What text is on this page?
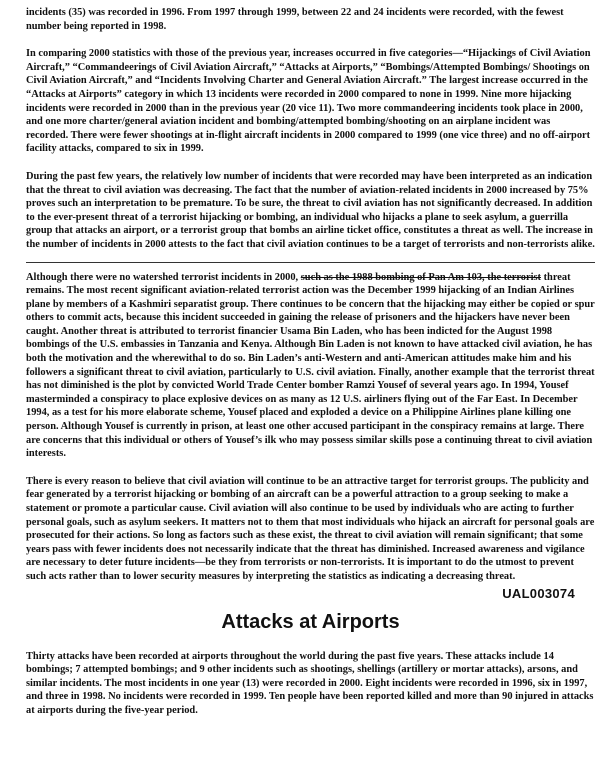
incidents (35) was recorded in 1996. From 1997 through 1999, between 22 and 24 incidents were recorded, with the fewest number being reported in 1998.

In comparing 2000 statistics with those of the previous year, increases occurred in five categories—“Hijackings of Civil Aviation Aircraft,” “Commandeerings of Civil Aviation Aircraft,” “Attacks at Airports,” “Bombings/Attempted Bombings/ Shootings on Civil Aviation Aircraft,” and “Incidents Involving Charter and General Aviation Aircraft.” The largest increase occurred in the “Attacks at Airports” category in which 13 incidents were recorded in 2000 compared to none in 1999. Nine more hijacking incidents were recorded in 2000 than in the previous year (20 vice 11). Two more commandeering incidents took place in 2000, and one more charter/general aviation incident and bombing/attempted bombing/shooting on an airplane incident was recorded. There were fewer shootings at in-flight aircraft incidents in 2000 compared to 1999 (one vice three) and no off-airport facility attacks, compared to six in 1999.

During the past few years, the relatively low number of incidents that were recorded may have been interpreted as an indication that the threat to civil aviation was decreasing. The fact that the number of aviation-related incidents in 2000 increased by 75% proves such an interpretation to be premature. To be sure, the threat to civil aviation has not significantly decreased. In addition to the ever-present threat of a terrorist hijacking or bombing, an individual who hijacks a plane to seek asylum, a guerrilla group that attacks an airport, or a terrorist group that bombs an airline ticket office, constitutes a threat as well. The increase in the number of incidents in 2000 attests to the fact that civil aviation continues to be a target of terrorists and non-terrorists alike.

Although there were no watershed terrorist incidents in 2000, such as the 1988 bombing of Pan Am 103, the terrorist threat remains. The most recent significant aviation-related terrorist action was the December 1999 hijacking of an Indian Airlines plane by members of a Kashmiri separatist group. There continues to be concern that the hijacking may either be copied or spur others to commit acts, because this incident succeeded in gaining the release of prisoners and the hijackers have never been caught. Another threat is attributed to terrorist financier Usama Bin Laden, who has been indicted for the August 1998 bombings of the U.S. embassies in Tanzania and Kenya. Although Bin Laden is not known to have attacked civil aviation, he has both the motivation and the wherewithal to do so. Bin Laden’s anti-Western and anti-American attitudes make him and his followers a significant threat to civil aviation, particularly to U.S. civil aviation. Finally, another example that the terrorist threat has not diminished is the plot by convicted World Trade Center bomber Ramzi Yousef of several years ago. In 1994, Yousef masterminded a conspiracy to place explosive devices on as many as 12 U.S. airliners flying out of the Far East. In December 1994, as a test for his more elaborate scheme, Yousef placed and exploded a device on a Philippine Airlines plane killing one person. Although Yousef is currently in prison, at least one other accused participant in the conspiracy remains at large. There are concerns that this individual or others of Yousef’s ilk who may possess similar skills pose a continuing threat to civil aviation interests.

There is every reason to believe that civil aviation will continue to be an attractive target for terrorist groups. The publicity and fear generated by a terrorist hijacking or bombing of an aircraft can be a powerful attraction to a group seeking to make a statement or promote a particular cause. Civil aviation will also continue to be used by individuals who are acting to further personal goals, such as asylum seekers. It matters not to them that most individuals who hijack an aircraft for personal goals are prosecuted for their actions. So long as factors such as these exist, the threat to civil aviation will remain significant; that some years pass with fewer incidents does not necessarily indicate that the threat has diminished. Increased awareness and vigilance are necessary to deter future incidents—be they from terrorists or non-terrorists. It is important to do the utmost to prevent such acts rather than to lower security measures by interpreting the statistics as indicating a decreasing threat.

UAL003074
Attacks at Airports

Thirty attacks have been recorded at airports throughout the world during the past five years. These attacks include 14 bombings; 7 attempted bombings; and 9 other incidents such as shootings, shellings (artillery or mortar attacks), arsons, and similar incidents. The most incidents in one year (13) were recorded in 2000. Eight incidents were recorded in 1996, six in 1997, and three in 1998. No incidents were recorded in 1999. Ten people have been reported killed and more than 90 injured in attacks at airports during the five-year period.
